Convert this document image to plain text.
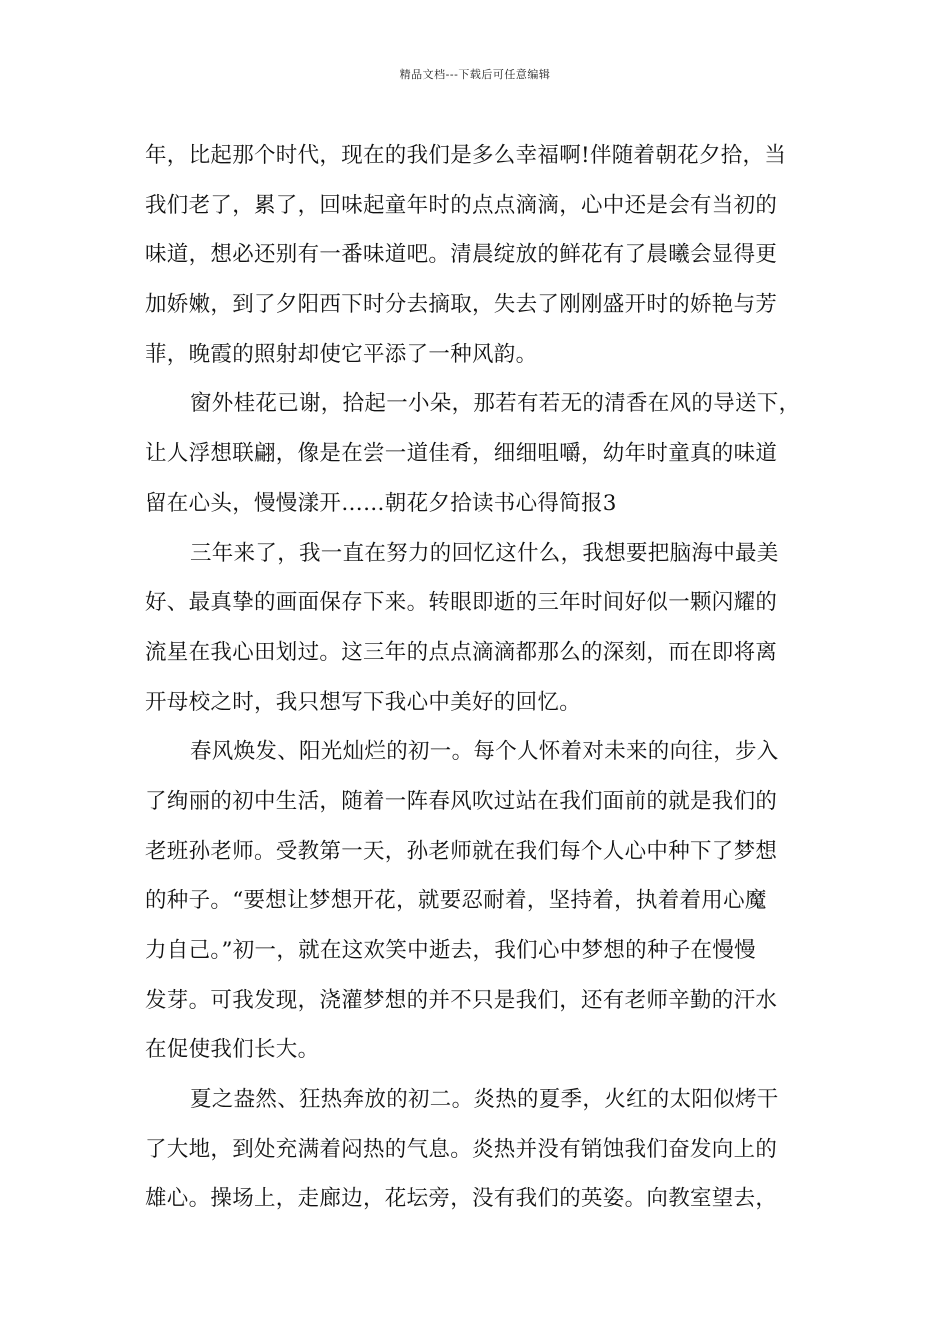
精品文档---下载后可任意编辑
年，比起那个时代，现在的我们是多么幸福啊!伴随着朝花夕拾，当
我们老了，累了，回味起童年时的点点滴滴，心中还是会有当初的
味道，想必还别有一番味道吧。清晨绽放的鲜花有了晨曦会显得更
加娇嫩，到了夕阳西下时分去摘取，失去了刚刚盛开时的娇艳与芳
菲，晚霞的照射却使它平添了一种风韵。
窗外桂花已谢，拾起一小朵，那若有若无的清香在风的导送下，
让人浮想联翩，像是在尝一道佳肴，细细咀嚼，幼年时童真的味道
留在心头，慢慢漾开……朝花夕拾读书心得简报3
三年来了，我一直在努力的回忆这什么，我想要把脑海中最美
好、最真挚的画面保存下来。转眼即逝的三年时间好似一颗闪耀的
流星在我心田划过。这三年的点点滴滴都那么的深刻，而在即将离
开母校之时，我只想写下我心中美好的回忆。
春风焕发、阳光灿烂的初一。每个人怀着对未来的向往，步入
了绚丽的初中生活，随着一阵春风吹过站在我们面前的就是我们的
老班孙老师。受教第一天，孙老师就在我们每个人心中种下了梦想
的种子。“要想让梦想开花，就要忍耐着，坚持着，执着着用心魔
力自己。”初一，就在这欢笑中逝去，我们心中梦想的种子在慢慢
发芽。可我发现，浇灌梦想的并不只是我们，还有老师辛勤的汗水
在促使我们长大。
夏之盎然、狂热奔放的初二。炎热的夏季，火红的太阳似烤干
了大地，到处充满着闷热的气息。炎热并没有销蚀我们奋发向上的
雄心。操场上，走廊边，花坛旁，没有我们的英姿。向教室望去，
